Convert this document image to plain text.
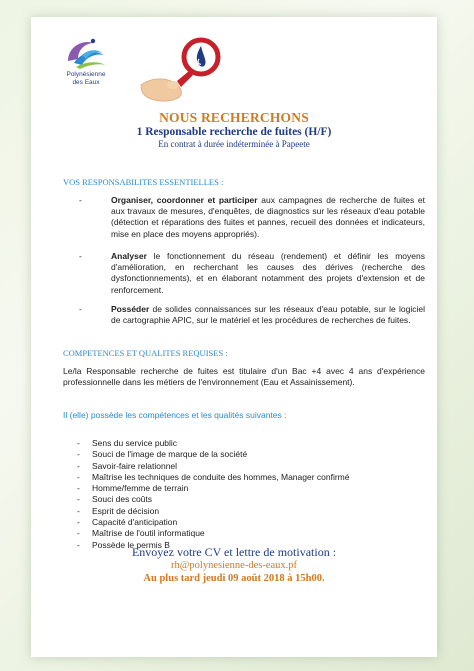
Polynésienne
des Eaux
NOUS RECHERCHONS
1 Responsable recherche de fuites (H/F)
En contrat à durée indéterminée à Papeete
VOS RESPONSABILITES ESSENTIELLES :
-	Organiser, coordonner et participer aux campagnes de recherche de fuites et aux travaux de mesures, d'enquêtes, de diagnostics sur les réseaux d'eau potable (détection et réparations des fuites et pannes, recueil des données et indicateurs, mise en place des moyens appropriés).
-	Analyser le fonctionnement du réseau (rendement) et définir les moyens d'amélioration, en recherchant les causes des dérives (recherche des dysfonctionnements), et en élaborant notamment des projets d'extension et de renforcement.
-	Posséder de solides connaissances sur les réseaux d'eau potable, sur le logiciel de cartographie APIC, sur le matériel et les procédures de recherches de fuites.
COMPETENCES ET QUALITES REQUISES :
Le/la Responsable recherche de fuites est titulaire d'un Bac +4 avec 4 ans d'expérience professionnelle dans les métiers de l'environnement (Eau et Assainissement).
Il (elle) possède les compétences et les qualités suivantes :
- Sens du service public
- Souci de l'image de marque de la société
- Savoir-faire relationnel
- Maîtrise les techniques de conduite des hommes, Manager confirmé
- Homme/femme de terrain
- Souci des coûts
- Esprit de décision
- Capacité d'anticipation
- Maîtrise de l'outil informatique
- Possède le permis B
Envoyez votre CV et lettre de motivation :
rh@polynesienne-des-eaux.pf
Au plus tard jeudi 09 août 2018 à 15h00.
